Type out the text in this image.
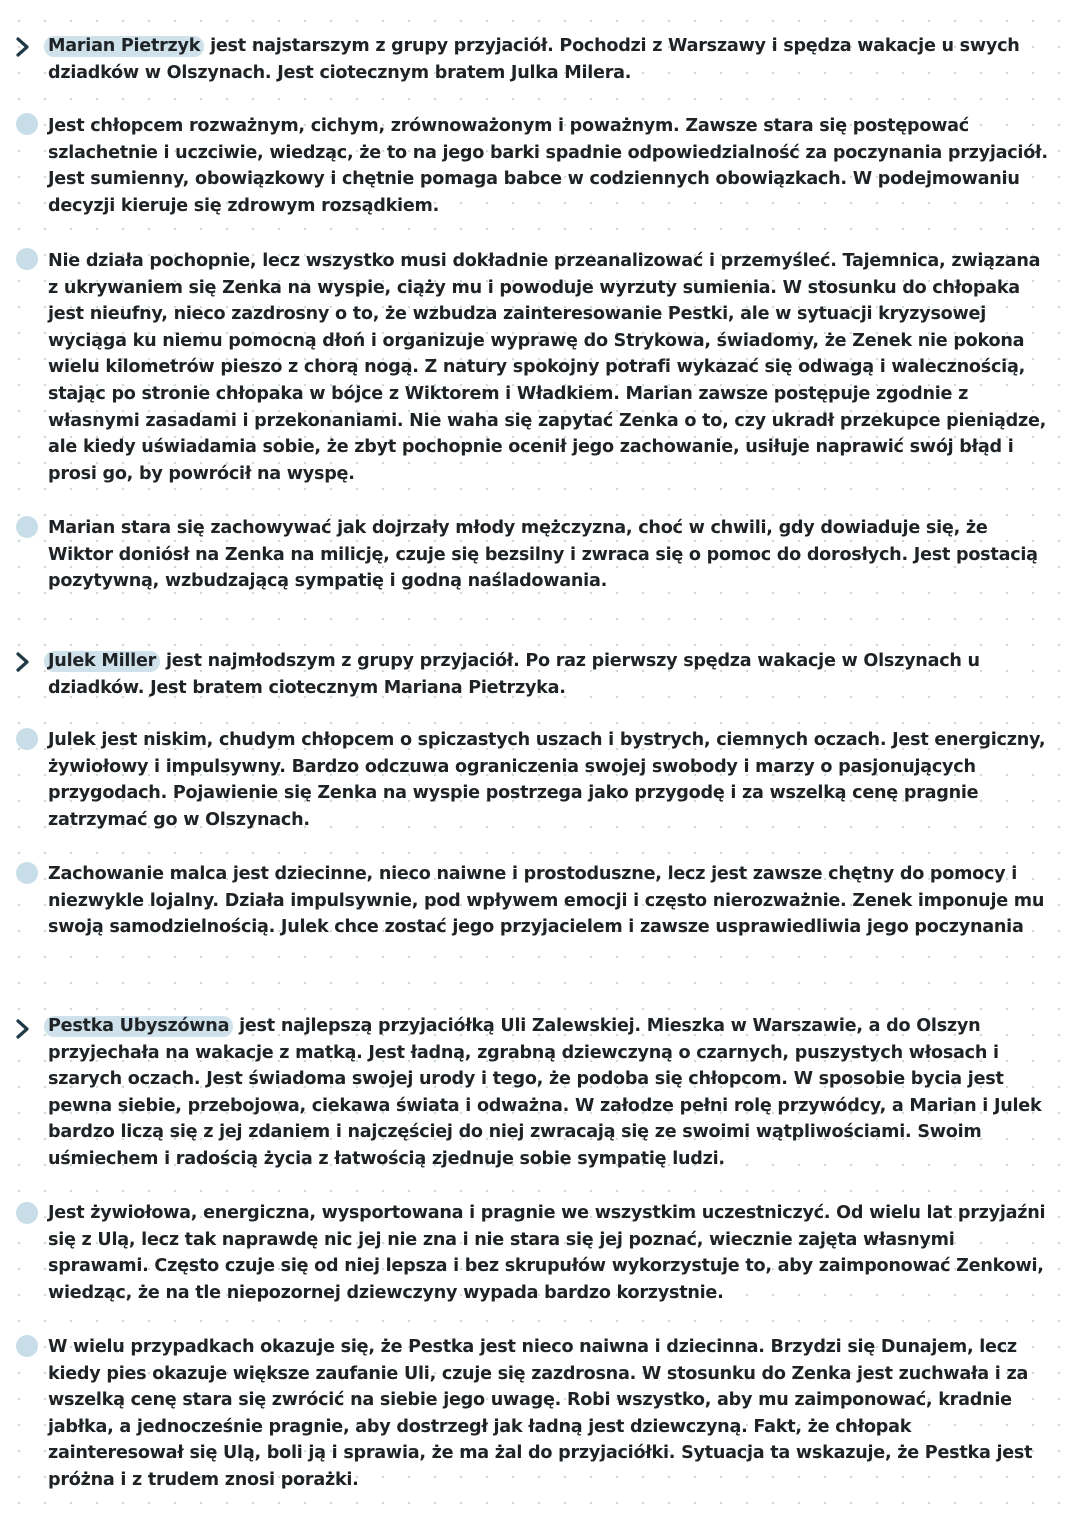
Marian Pietrzyk jest najstarszym z grupy przyjaciół. Pochodzi z Warszawy i spędza wakacje u swych dziadków w Olszynach. Jest ciotecznym bratem Julka Milera.

Jest chłopcem rozważnym, cichym, zrównoważonym i poważnym. Zawsze stara się postępować szlachetnie i uczciwie, wiedząc, że to na jego barki spadnie odpowiedzialność za poczynania przyjaciół. Jest sumienny, obowiązkowy i chętnie pomaga babce w codziennych obowiązkach. W podejmowaniu decyzji kieruje się zdrowym rozsądkiem.

Nie działa pochopnie, lecz wszystko musi dokładnie przeanalizować i przemyśleć. Tajemnica, związana z ukrywaniem się Zenka na wyspie, ciąży mu i powoduje wyrzuty sumienia. W stosunku do chłopaka jest nieufny, nieco zazdrosny o to, że wzbudza zainteresowanie Pestki, ale w sytuacji kryzysowej wyciąga ku niemu pomocną dłoń i organizuje wyprawę do Strykowa, świadomy, że Zenek nie pokona wielu kilometrów pieszo z chorą nogą. Z natury spokojny potrafi wykazać się odwagą i walecznością, stając po stronie chłopaka w bójce z Wiktorem i Władkiem. Marian zawsze postępuje zgodnie z własnymi zasadami i przekonaniami. Nie waha się zapytać Zenka o to, czy ukradł przekupce pieniądze, ale kiedy uświadamia sobie, że zbyt pochopnie ocenił jego zachowanie, usiłuje naprawić swój błąd i prosi go, by powrócił na wyspę.

Marian stara się zachowywać jak dojrzały młody mężczyzna, choć w chwili, gdy dowiaduje się, że Wiktor doniósł na Zenka na milicję, czuje się bezsilny i zwraca się o pomoc do dorosłych. Jest postacią pozytywną, wzbudzającą sympatię i godną naśladowania.

Julek Miller jest najmłodszym z grupy przyjaciół. Po raz pierwszy spędza wakacje w Olszynach u dziadków. Jest bratem ciotecznym Mariana Pietrzyka.

Julek jest niskim, chudym chłopcem o spiczastych uszach i bystrych, ciemnych oczach. Jest energiczny, żywiołowy i impulsywny. Bardzo odczuwa ograniczenia swojej swobody i marzy o pasjonujących przygodach. Pojawienie się Zenka na wyspie postrzega jako przygodę i za wszelką cenę pragnie zatrzymać go w Olszynach.

Zachowanie malca jest dziecinne, nieco naiwne i prostoduszne, lecz jest zawsze chętny do pomocy i niezwykle lojalny. Działa impulsywnie, pod wpływem emocji i często nierozważnie. Zenek imponuje mu swoją samodzielnością. Julek chce zostać jego przyjacielem i zawsze usprawiedliwia jego poczynania

Pestka Ubyszówna jest najlepszą przyjaciółką Uli Zalewskiej. Mieszka w Warszawie, a do Olszyn przyjechała na wakacje z matką. Jest ładną, zgrabną dziewczyną o czarnych, puszystych włosach i szarych oczach. Jest świadoma swojej urody i tego, że podoba się chłopcom. W sposobie bycia jest pewna siebie, przebojowa, ciekawa świata i odważna. W załodze pełni rolę przywódcy, a Marian i Julek bardzo liczą się z jej zdaniem i najczęściej do niej zwracają się ze swoimi wątpliwościami. Swoim uśmiechem i radością życia z łatwością zjednuje sobie sympatię ludzi.

Jest żywiołowa, energiczna, wysportowana i pragnie we wszystkim uczestniczyć. Od wielu lat przyjaźni się z Ulą, lecz tak naprawdę nic jej nie zna i nie stara się jej poznać, wiecznie zajęta własnymi sprawami. Często czuje się od niej lepsza i bez skrupułów wykorzystuje to, aby zaimponować Zenkowi, wiedząc, że na tle niepozornej dziewczyny wypada bardzo korzystnie.

W wielu przypadkach okazuje się, że Pestka jest nieco naiwna i dziecinna. Brzydzi się Dunajem, lecz kiedy pies okazuje większe zaufanie Uli, czuje się zazdrosna. W stosunku do Zenka jest zuchwała i za wszelką cenę stara się zwrócić na siebie jego uwagę. Robi wszystko, aby mu zaimponować, kradnie jabłka, a jednocześnie pragnie, aby dostrzegł jak ładną jest dziewczyną. Fakt, że chłopak zainteresował się Ulą, boli ją i sprawia, że ma żal do przyjaciółki. Sytuacja ta wskazuje, że Pestka jest próżna i z trudem znosi porażki.
